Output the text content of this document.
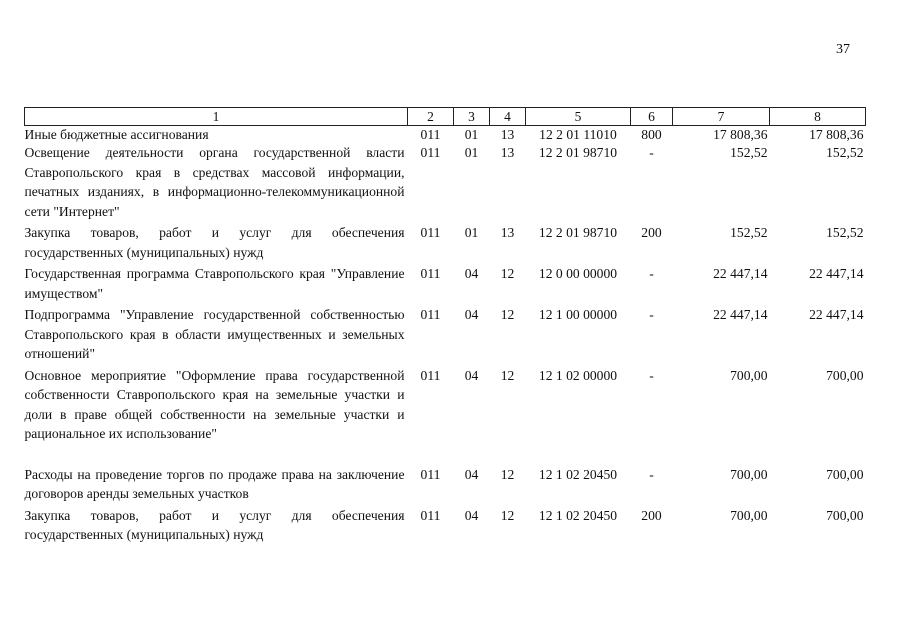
37
1	2	3	4	5	6	7	8
Иные бюджетные ассигнования	011	01	13	12 2 01 11010	800	17 808,36	17 808,36
Освещение деятельности органа государственной власти Ставропольского края в средствах массовой информации, печатных изданиях, в информационно-телекоммуникационной сети "Интернет"	011	01	13	12 2 01 98710	-	152,52	152,52
Закупка товаров, работ и услуг для обеспечения государственных (муниципальных) нужд	011	01	13	12 2 01 98710	200	152,52	152,52
Государственная программа Ставропольского края "Управление имуществом"	011	04	12	12 0 00 00000	-	22 447,14	22 447,14
Подпрограмма "Управление государственной собственностью Ставропольского края в области имущественных и земельных отношений"	011	04	12	12 1 00 00000	-	22 447,14	22 447,14
Основное мероприятие "Оформление права государственной собственности Ставропольского края на земельные участки и доли в праве общей собственности на земельные участки и рациональное их использование"	011	04	12	12 1 02 00000	-	700,00	700,00
Расходы на проведение торгов по продаже права на заключение договоров аренды земельных участков	011	04	12	12 1 02 20450	-	700,00	700,00
Закупка товаров, работ и услуг для обеспечения государственных (муниципальных) нужд	011	04	12	12 1 02 20450	200	700,00	700,00
